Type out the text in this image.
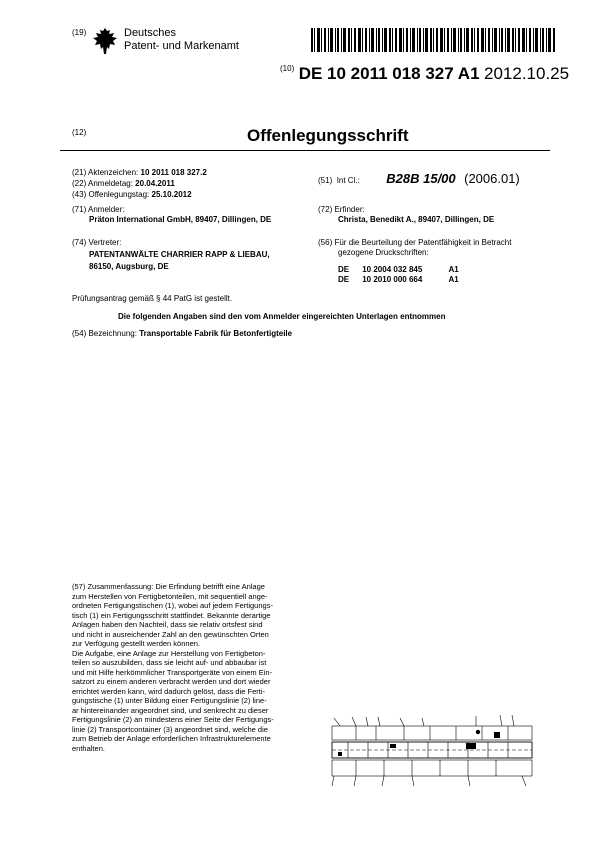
(19)	Deutsches
Patent- und Markenamt
$^{(10)}$ DE 10 2011 018 327 A1 2012.10.25
(12)	Offenlegungsschrift
(21) Aktenzeichen: 10 2011 018 327.2
(22) Anmeldetag: 20.04.2011
(43) Offenlegungstag: 25.10.2012
(51) Int Cl.: B28B 15/00 (2006.01)
(71) Anmelder:
Präton International GmbH, 89407, Dillingen, DE
(72) Erfinder:
Christa, Benedikt A., 89407, Dillingen, DE
(74) Vertreter:
PATENTANWÄLTE CHARRIER RAPP & LIEBAU,
86150, Augsburg, DE
(56) Für die Beurteilung der Patentfähigkeit in Betracht
gezogene Druckschriften:
DE 10 2004 032 845	A1
DE 10 2010 000 664	A1
Prüfungsantrag gemäß § 44 PatG ist gestellt.
Die folgenden Angaben sind den vom Anmelder eingereichten Unterlagen entnommen
(54) Bezeichnung: Transportable Fabrik für Betonfertigteile

(57) Zusammenfassung: Die Erfindung betrifft eine Anlage

zum Herstellen von Fertigbetonteilen, mit sequentiell ange-

ordneten Fertigungstischen (1), wobei auf jedem Fertigungs-

tisch (1) ein Fertigungsschritt stattfindet. Bekannte derartige

Anlagen haben den Nachteil, dass sie relativ ortsfest sind

und nicht in ausreichender Zahl an den gewünschten Orten

zur Verfügung gestellt werden können.

Die Aufgabe, eine Anlage zur Herstellung von Fertigbeton-

teilen so auszubilden, dass sie leicht auf- und abbaubar ist

und mit Hilfe herkömmlicher Transportgeräte von einem Ein-

satzort zu einem anderen verbracht werden und dort wieder

errichtet werden kann, wird dadurch gelöst, dass die Ferti-

gungstische (1) unter Bildung einer Fertigungslinie (2) line-

ar hintereinander angeordnet sind, und senkrecht zu dieser

Fertigungslinie (2) an mindestens einer Seite der Fertigungs-

linie (2) Transportcontainer (3) angeordnet sind, welche die

zum Betrieb der Anlage erforderlichen Infrastrukturelemente

enthalten.
